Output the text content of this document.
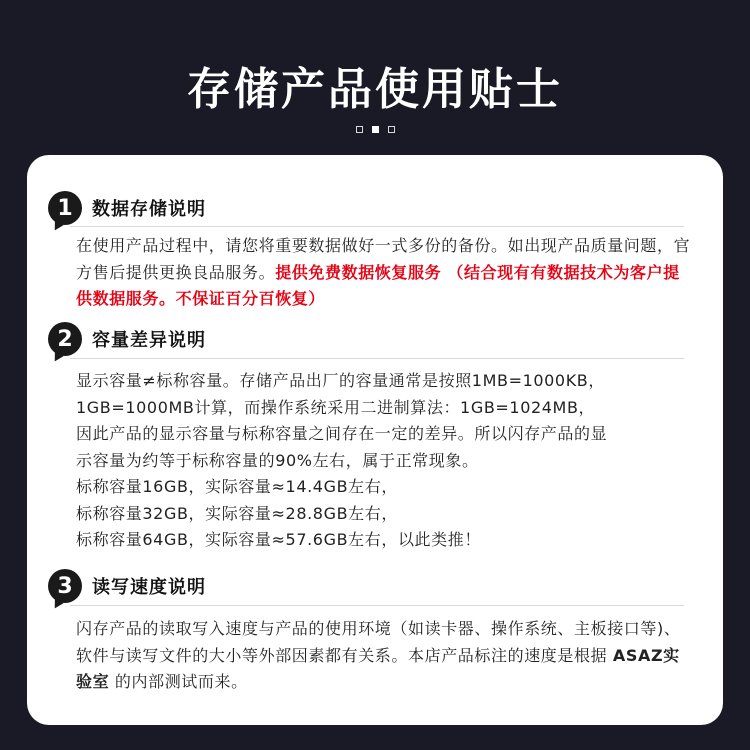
存储产品使用贴士
1	数据存储说明
在使用产品过程中，请您将重要数据做好一式多份的备份。如出现产品质量问题，官方售后提供更换良品服务。提供免费数据恢复服务 （结合现有有数据技术为客户提供数据服务。不保证百分百恢复）
2	容量差异说明
显示容量≠标称容量。存储产品出厂的容量通常是按照1MB=1000KB，
1GB=1000MB计算，而操作系统采用二进制算法：1GB=1024MB，
因此产品的显示容量与标称容量之间存在一定的差异。所以闪存产品的显
示容量为约等于标称容量的90%左右，属于正常现象。
标称容量16GB，实际容量≈14.4GB左右，
标称容量32GB，实际容量≈28.8GB左右，
标称容量64GB，实际容量≈57.6GB左右，以此类推！
3	读写速度说明
闪存产品的读取写入速度与产品的使用环境（如读卡器、操作系统、主板接口等)、软件与读写文件的大小等外部因素都有关系。本店产品标注的速度是根据 ASAZ实验室 的内部测试而来。
